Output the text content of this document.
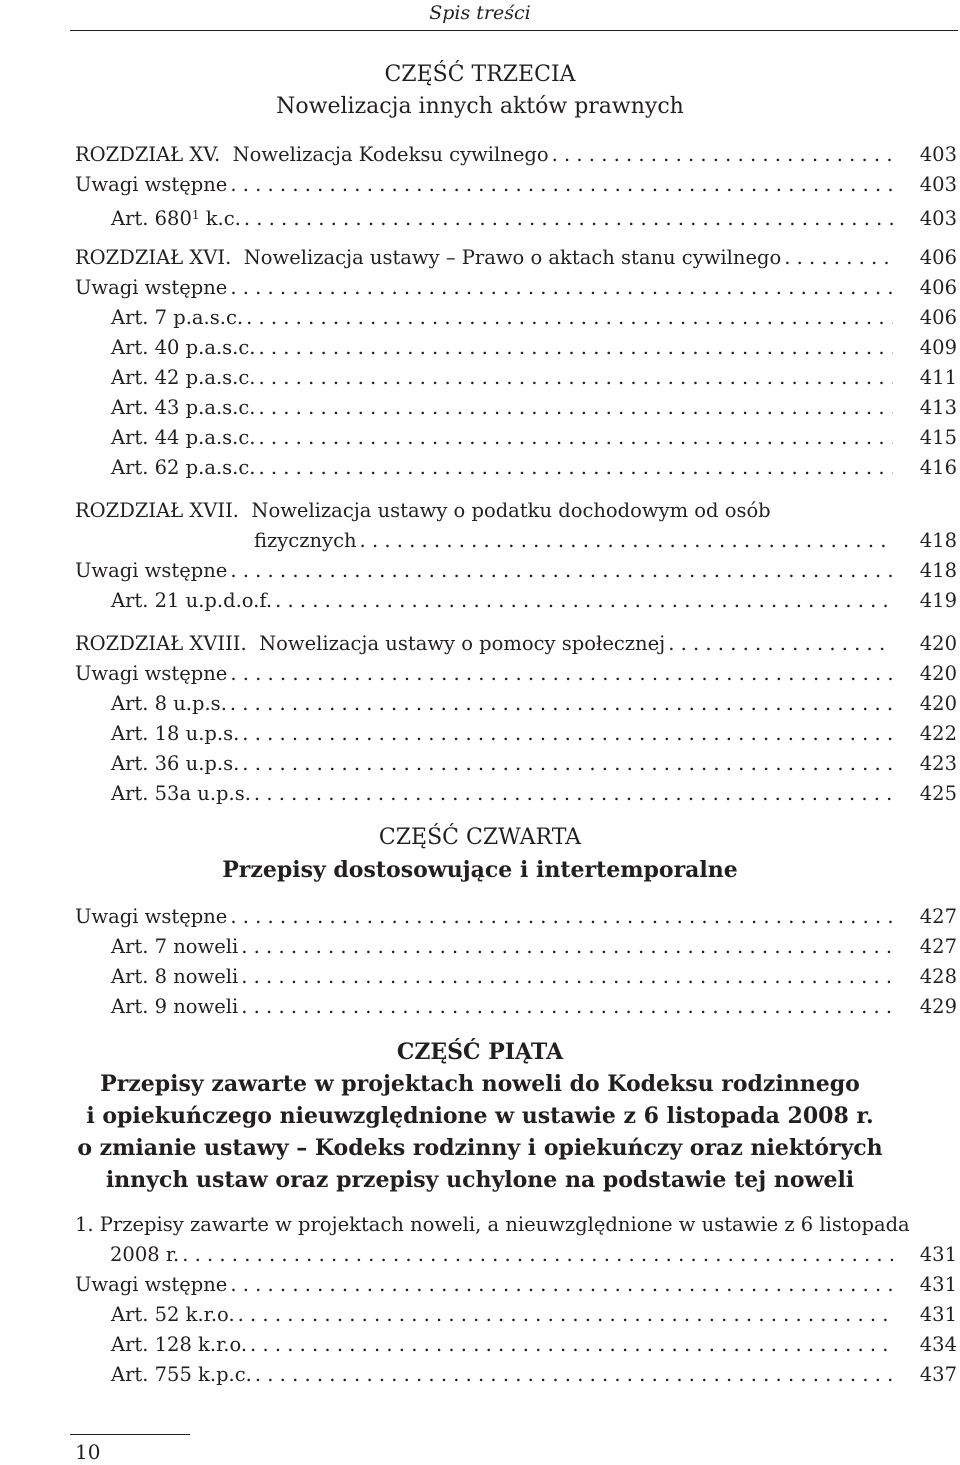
Spis treści
CZĘŚĆ TRZECIA
Nowelizacja innych aktów prawnych
ROZDZIAŁ XV. Nowelizacja Kodeksu cywilnego . . .	403
Uwagi wstępne . . .	403
Art. $680^1$ k.c. . . .	403
ROZDZIAŁ XVI. Nowelizacja ustawy – Prawo o aktach stanu cywilnego . . .	406
Uwagi wstępne . . .	406
Art. 7 p.a.s.c. . . .	406
Art. 40 p.a.s.c. . . .	409
Art. 42 p.a.s.c. . . .	411
Art. 43 p.a.s.c. . . .	413
Art. 44 p.a.s.c. . . .	415
Art. 62 p.a.s.c. . . .	416
ROZDZIAŁ XVII. Nowelizacja ustawy o podatku dochodowym od osób
fizycznych . . .	418
Uwagi wstępne . . .	418
Art. 21 u.p.d.o.f. . . .	419
ROZDZIAŁ XVIII. Nowelizacja ustawy o pomocy społecznej . . .	420
Uwagi wstępne . . .	420
Art. 8 u.p.s. . . .	420
Art. 18 u.p.s. . . .	422
Art. 36 u.p.s. . . .	423
Art. 53a u.p.s. . . .	425
CZĘŚĆ CZWARTA
Przepisy dostosowujące i intertemporalne
Uwagi wstępne . . .	427
Art. 7 noweli . . .	427
Art. 8 noweli . . .	428
Art. 9 noweli . . .	429
CZĘŚĆ PIĄTA
Przepisy zawarte w projektach noweli do Kodeksu rodzinnego
i opiekuńczego nieuwzględnione w ustawie z 6 listopada 2008 r.
o zmianie ustawy – Kodeks rodzinny i opiekuńczy oraz niektórych
innych ustaw oraz przepisy uchylone na podstawie tej noweli
1. Przepisy zawarte w projektach noweli, a nieuwzględnione w ustawie z 6 listopada
2008 r. . . .	431
Uwagi wstępne . . .	431
Art. 52 k.r.o. . . .	431
Art. 128 k.r.o. . . .	434
Art. 755 k.p.c. . . .	437
10
